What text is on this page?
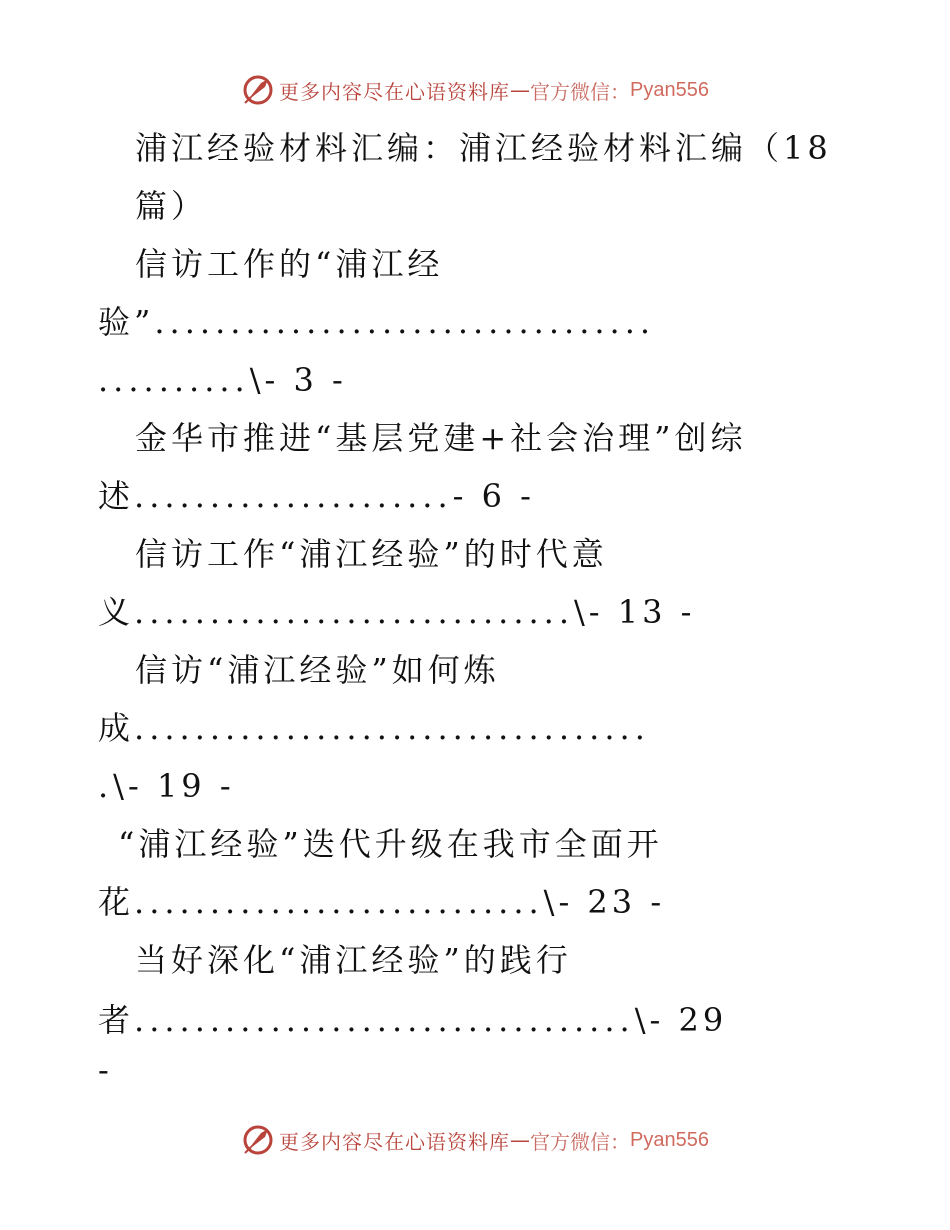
更多内容尽在心语资料库 — 官方微信： Pyan556
浦江经验材料汇编：浦江经验材料汇编（18
篇）
信访工作的“浦江经
验”.................................
..........\- 3 -
金华市推进“基层党建+社会治理”创综
述.....................- 6 -
信访工作“浦江经验”的时代意
义.............................\- 13 -
信访“浦江经验”如何炼
成..................................
.\- 19 -
“浦江经验”迭代升级在我市全面开
花...........................\- 23 -
当好深化“浦江经验”的践行
者.................................\- 29
-
更多内容尽在心语资料库 — 官方微信： Pyan556
